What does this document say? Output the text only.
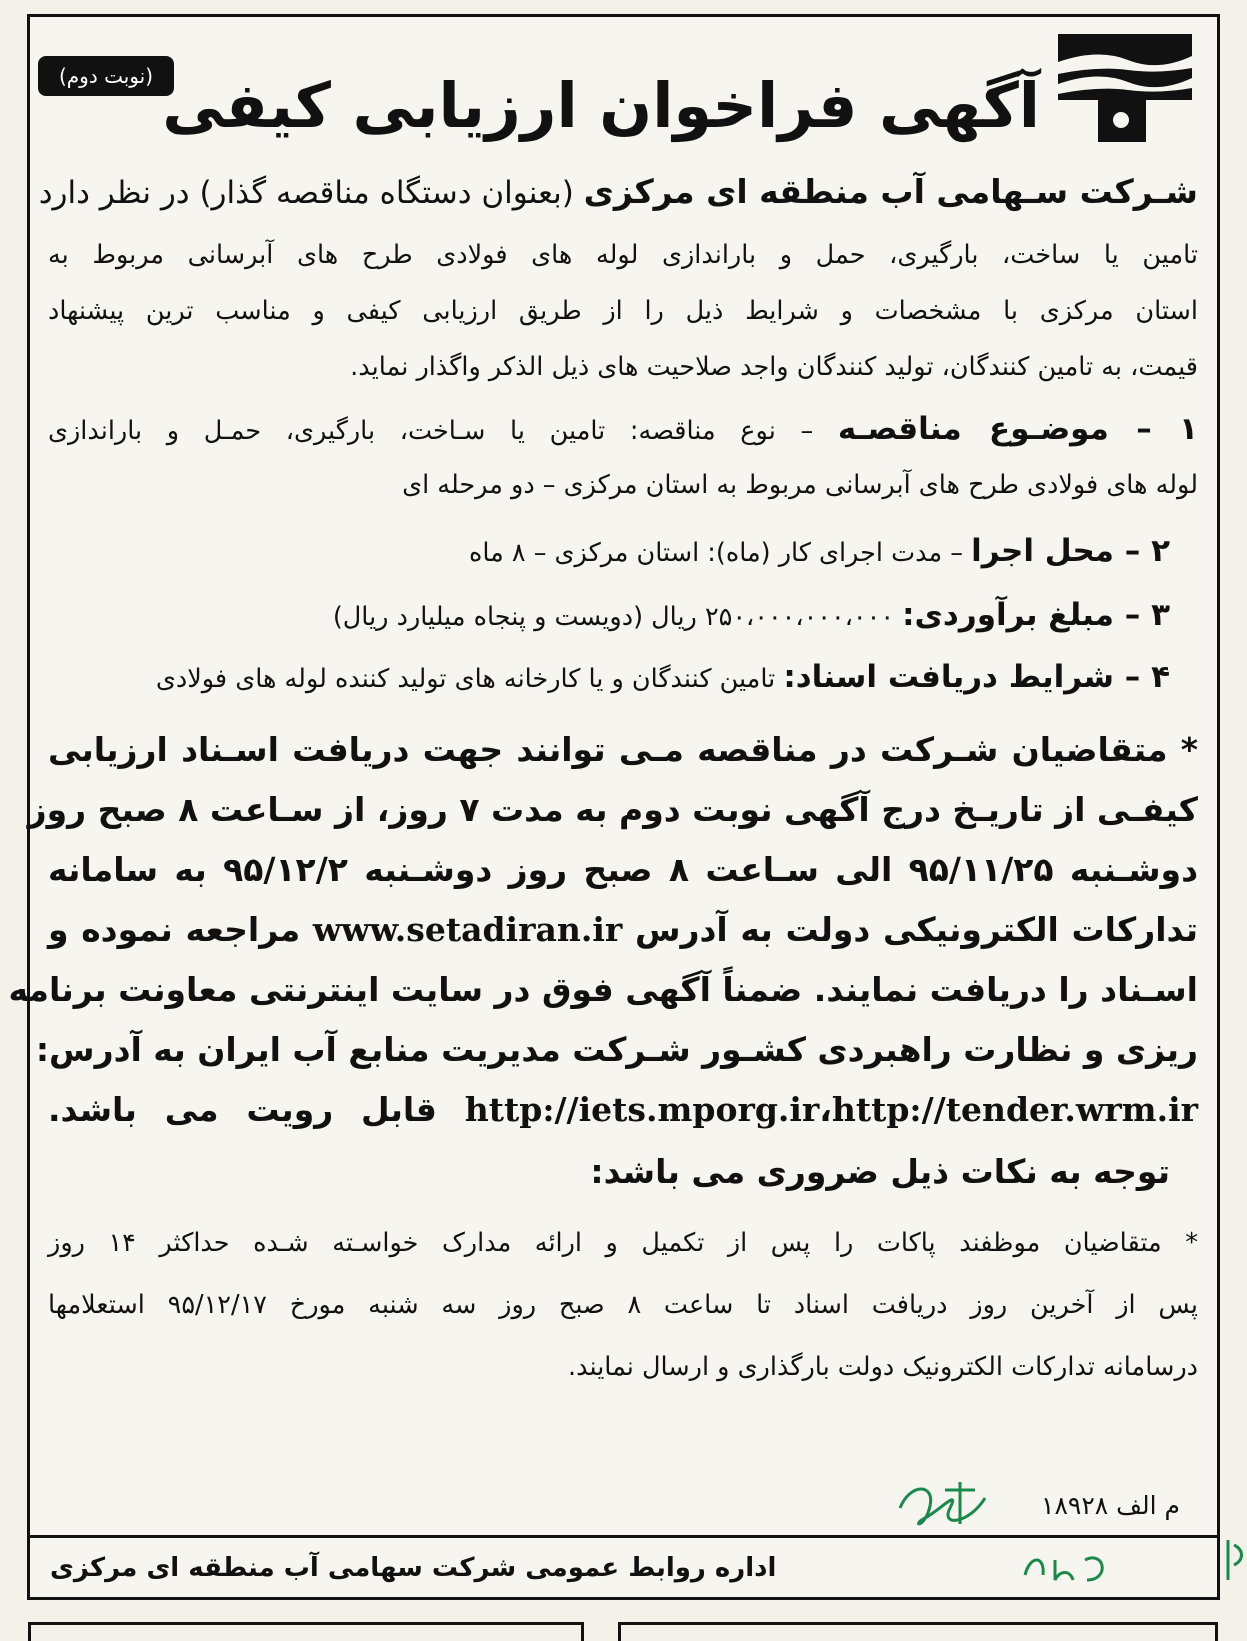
(نوبت دوم) آگهی فراخوان ارزیابی کیفی
شـرکت سـهامی آب منطقه ای مرکزی (بعنوان دستگاه مناقصه گذار) در نظر دارد
تامین یا ساخت، بارگیری، حمل و باراندازی لوله های فولادی طرح های آبرسانی مربوط به
استان مرکزی با مشخصات و شرایط ذیل را از طریق ارزیابی کیفی و مناسب ترین پیشنهاد
قیمت، به تامین کنندگان، تولید کنندگان واجد صلاحیت های ذیل الذکر واگذار نماید.
۱ – موضـوع مناقصـه – نوع مناقصه: تامین یا سـاخت، بارگیری، حمـل و باراندازی
لوله های فولادی طرح های آبرسانی مربوط به استان مرکزی – دو مرحله ای
۲ – محل اجرا – مدت اجرای کار (ماه): استان مرکزی – ۸ ماه
۳ – مبلغ برآوردی: ۲۵۰،۰۰۰،۰۰۰،۰۰۰ ریال (دویست و پنجاه میلیارد ریال)
۴ – شرایط دریافت اسناد: تامین کنندگان و یا کارخانه های تولید کننده لوله های فولادی
* متقاضیان شـرکت در مناقصه مـی توانند جهت دریافت اسـناد ارزیابی
کیفـی از تاریـخ درج آگهی نوبت دوم به مدت ۷ روز، از سـاعت ۸ صبح روز
دوشـنبه ۹۵/۱۱/۲۵ الی سـاعت ۸ صبح روز دوشـنبه ۹۵/۱۲/۲ به سامانه
تدارکات الکترونیکی دولت به آدرس www.setadiran.ir مراجعه نموده و
اسـناد را دریافت نمایند. ضمناً آگهی فوق در سایت اینترنتی معاونت برنامه
ریزی و نظارت راهبردی کشـور شـرکت مدیریت منابع آب ایران به آدرس:
http://tender.wrm.ir،http://iets.mporg.ir قابل رویت می باشد.
توجه به نکات ذیل ضروری می باشد:
* متقاضیان موظفند پاکات را پس از تکمیل و ارائه مدارک خواسـته شـده حداکثر ۱۴ روز
پس از آخرین روز دریافت اسناد تا ساعت ۸ صبح روز سه شنبه مورخ ۹۵/۱۲/۱۷ استعلامها
درسامانه تدارکات الکترونیک دولت بارگذاری و ارسال نمایند.
م الف ۱۸۹۲۸
اداره روابط عمومی شرکت سهامی آب منطقه ای مرکزی
